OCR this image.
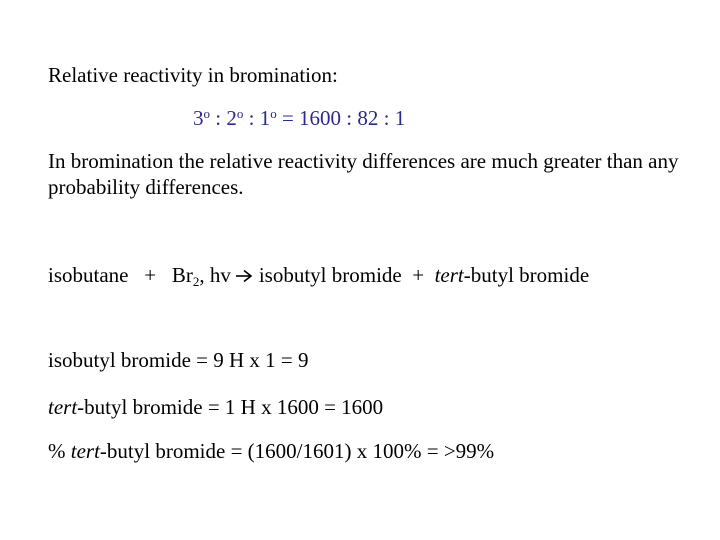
Relative reactivity in bromination:
3$^o$ : 2$^o$ : $1^o = 1600$ : 82 : 1
In bromination the relative reactivity differences are much greater than any probability differences.
isobutane + $Br_2$, hv isobutyl bromide + tert-butyl bromide
isobutyl bromide = 9 H x 1 = 9
tert-butyl bromide = 1 H x 1600 = 1600
% tert-butyl bromide = (1600/1601) x 100% = >99%
